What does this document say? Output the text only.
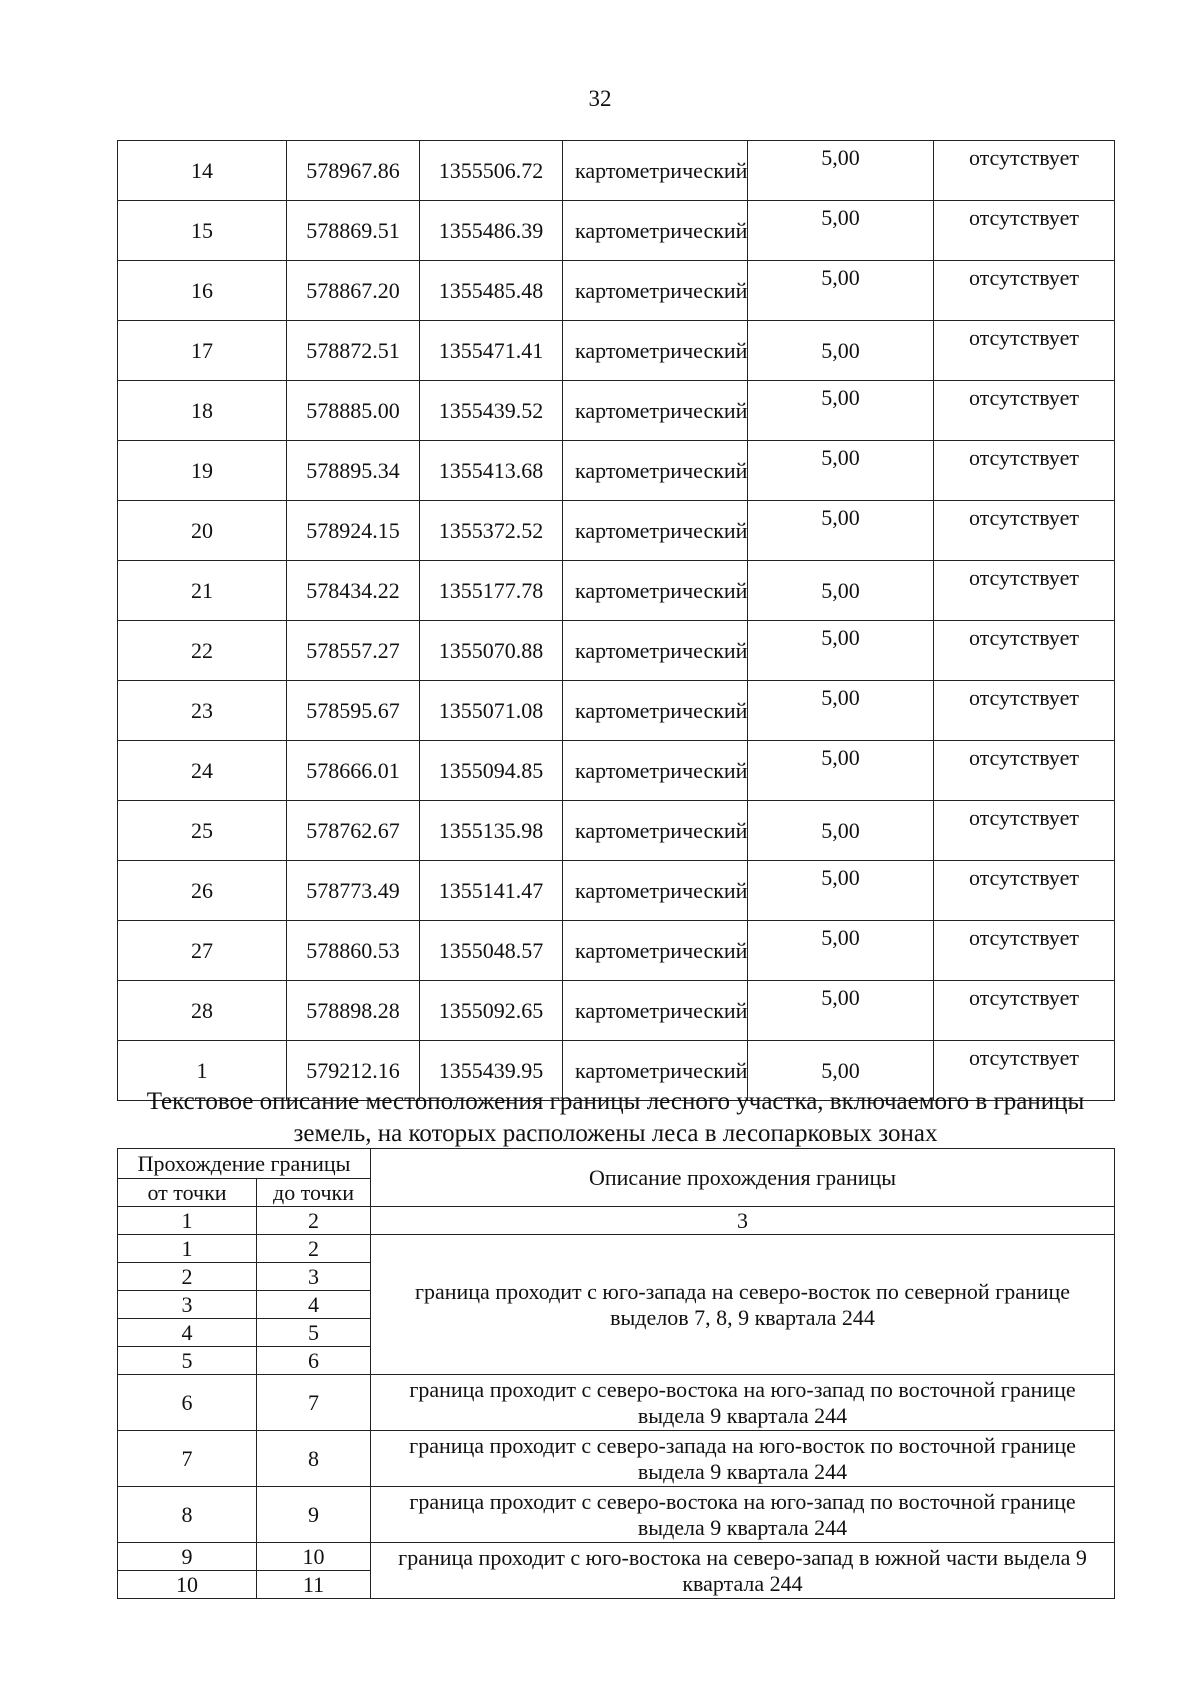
32
14	578967.86	1355506.72	картометрический	5,00	отсутствует
15	578869.51	1355486.39	картометрический	5,00	отсутствует
16	578867.20	1355485.48	картометрический	5,00	отсутствует
17	578872.51	1355471.41	картометрический	5,00	отсутствует
18	578885.00	1355439.52	картометрический	5,00	отсутствует
19	578895.34	1355413.68	картометрический	5,00	отсутствует
20	578924.15	1355372.52	картометрический	5,00	отсутствует
21	578434.22	1355177.78	картометрический	5,00	отсутствует
22	578557.27	1355070.88	картометрический	5,00	отсутствует
23	578595.67	1355071.08	картометрический	5,00	отсутствует
24	578666.01	1355094.85	картометрический	5,00	отсутствует
25	578762.67	1355135.98	картометрический	5,00	отсутствует
26	578773.49	1355141.47	картометрический	5,00	отсутствует
27	578860.53	1355048.57	картометрический	5,00	отсутствует
28	578898.28	1355092.65	картометрический	5,00	отсутствует
1	579212.16	1355439.95	картометрический	5,00	отсутствует
Текстовое описание местоположения границы лесного участка, включаемого в границы земель, на которых расположены леса в лесопарковых зонах
Прохождение границы		Описание прохождения границы
от точки	до точки	
1	2	3
1	2	граница проходит с юго-запада на северо-восток по северной границе выделов 7, 8, 9 квартала 244
2	3	
3	4	
4	5	
5	6	
6	7	граница проходит с северо-востока на юго-запад по восточной границе выдела 9 квартала 244
7	8	граница проходит с северо-запада на юго-восток по восточной границе выдела 9 квартала 244
8	9	граница проходит с северо-востока на юго-запад по восточной границе выдела 9 квартала 244
9	10	граница проходит с юго-востока на северо-запад в южной части выдела 9 квартала 244
10	11	
